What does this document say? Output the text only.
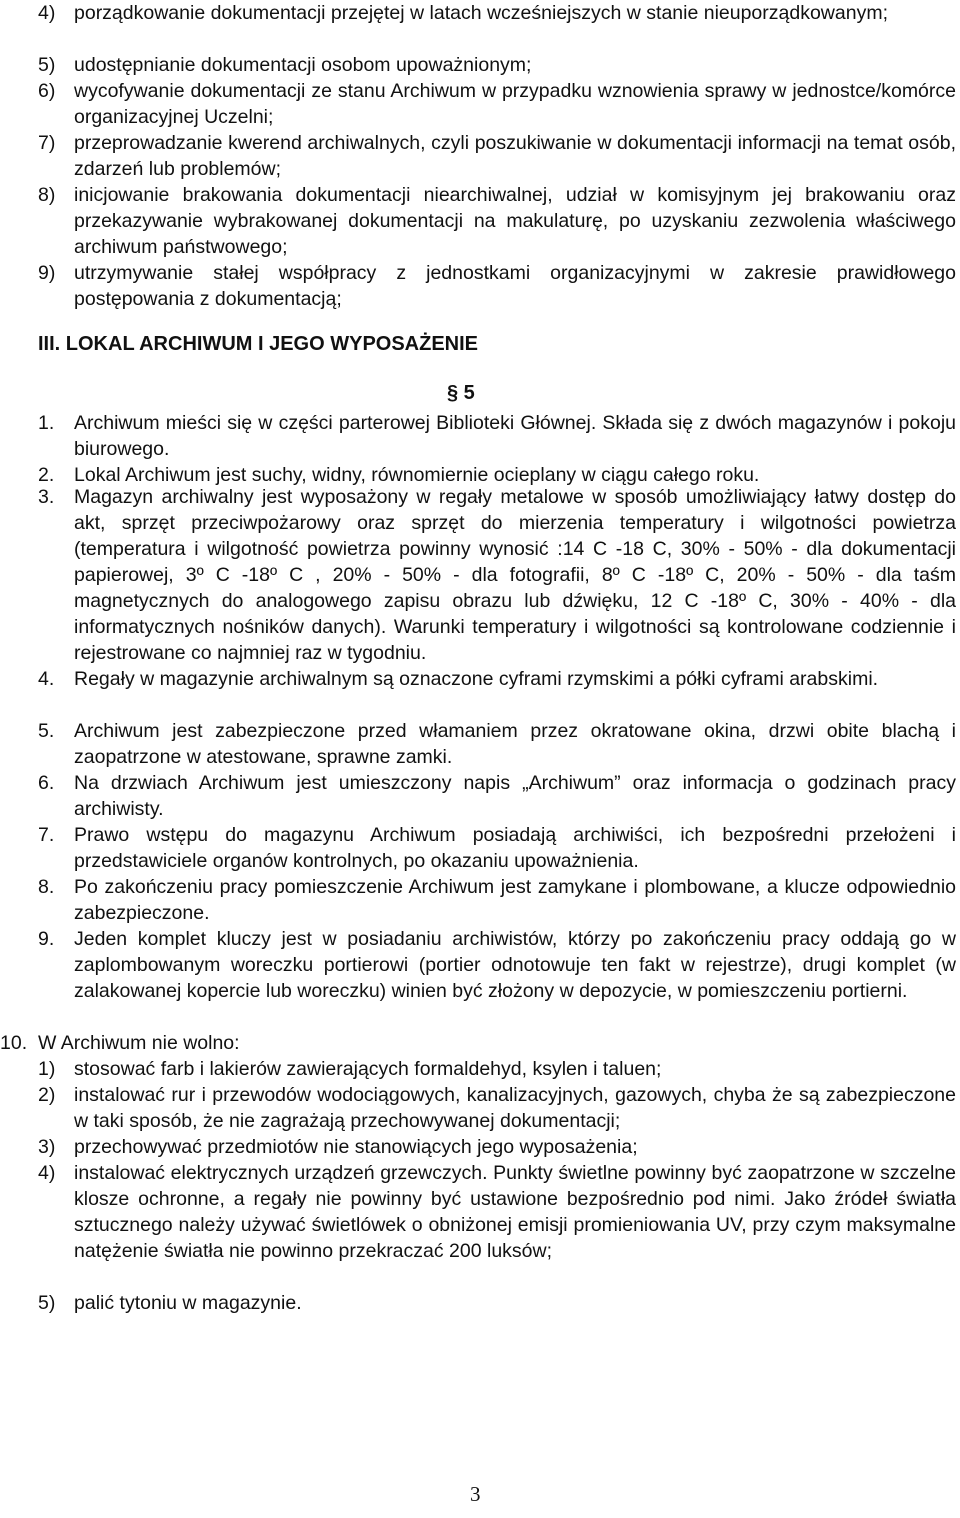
4) porządkowanie dokumentacji przejętej w latach wcześniejszych w stanie nieuporządkowanym;
5) udostępnianie dokumentacji osobom upoważnionym;
6) wycofywanie dokumentacji ze stanu Archiwum w przypadku wznowienia sprawy w jednostce/komórce organizacyjnej Uczelni;
7) przeprowadzanie kwerend archiwalnych, czyli poszukiwanie w dokumentacji informacji na temat osób, zdarzeń lub problemów;
8) inicjowanie brakowania dokumentacji niearchiwalnej, udział w komisyjnym jej brakowaniu oraz przekazywanie wybrakowanej dokumentacji na makulaturę, po uzyskaniu zezwolenia właściwego archiwum państwowego;
9) utrzymywanie stałej współpracy z jednostkami organizacyjnymi w zakresie prawidłowego postępowania z dokumentacją;
III. LOKAL ARCHIWUM I JEGO WYPOSAŻENIE
§ 5
1. Archiwum mieści się w części parterowej Biblioteki Głównej. Składa się z dwóch magazynów i pokoju biurowego.
2. Lokal Archiwum jest suchy, widny, równomiernie ocieplany w ciągu całego roku.
3. Magazyn archiwalny jest wyposażony w regały metalowe w sposób umożliwiający łatwy dostęp do akt, sprzęt przeciwpożarowy oraz sprzęt do mierzenia temperatury i wilgotności powietrza (temperatura i wilgotność powietrza powinny wynosić :14 C -18 C, 30% - 50% - dla dokumentacji papierowej, 3º C -18º C , 20% - 50% - dla fotografii, 8º C -18º C, 20% - 50% - dla taśm magnetycznych do analogowego zapisu obrazu lub dźwięku, 12 C -18º C, 30% - 40% - dla informatycznych nośników danych). Warunki temperatury i wilgotności są kontrolowane codziennie i rejestrowane co najmniej raz w tygodniu.
4. Regały w magazynie archiwalnym są oznaczone cyframi rzymskimi a półki cyframi arabskimi.
5. Archiwum jest zabezpieczone przed włamaniem przez okratowane okina, drzwi obite blachą i zaopatrzone w atestowane, sprawne zamki.
6. Na drzwiach Archiwum jest umieszczony napis „Archiwum” oraz informacja o godzinach pracy archiwisty.
7. Prawo wstępu do magazynu Archiwum posiadają archiwiści, ich bezpośredni przełożeni i przedstawiciele organów kontrolnych, po okazaniu upoważnienia.
8. Po zakończeniu pracy pomieszczenie Archiwum jest zamykane i plombowane, a klucze odpowiednio zabezpieczone.
9. Jeden komplet kluczy jest w posiadaniu archiwistów, którzy po zakończeniu pracy oddają go w zaplombowanym woreczku portierowi (portier odnotowuje ten fakt w rejestrze), drugi komplet (w zalakowanej kopercie lub woreczku) winien być złożony w depozycie, w pomieszczeniu portierni.
10. W Archiwum nie wolno:
1) stosować farb i lakierów zawierających formaldehyd, ksylen i taluen;
2) instalować rur i przewodów wodociągowych, kanalizacyjnych, gazowych, chyba że są zabezpieczone w taki sposób, że nie zagrażają przechowywanej dokumentacji;
3) przechowywać przedmiotów nie stanowiących jego wyposażenia;
4) instalować elektrycznych urządzeń grzewczych. Punkty świetlne powinny być zaopatrzone w szczelne klosze ochronne, a regały nie powinny być ustawione bezpośrednio pod nimi. Jako źródeł światła sztucznego należy używać świetlówek o obniżonej emisji promieniowania UV, przy czym maksymalne natężenie światła nie powinno przekraczać 200 luksów;
5) palić tytoniu w magazynie.
3
